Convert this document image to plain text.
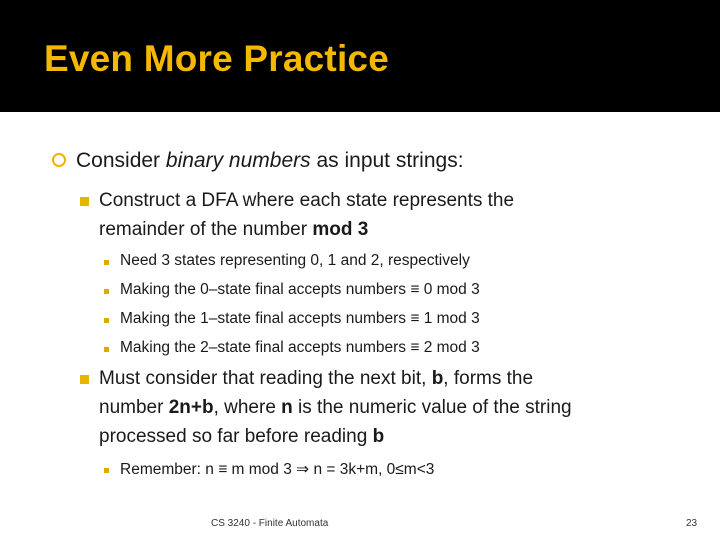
Even More Practice
Consider binary numbers as input strings:
Construct a DFA where each state represents the
remainder of the number mod 3
Need 3 states representing 0, 1 and 2, respectively
Making the 0–state final accepts numbers ≡ 0 mod 3
Making the 1–state final accepts numbers ≡ 1 mod 3
Making the 2–state final accepts numbers ≡ 2 mod 3
Must consider that reading the next bit, b, forms the
number 2n+b, where n is the numeric value of the string
processed so far before reading b
Remember: n ≡ m mod 3 ⇒ n = 3k+m, 0≤m<3
CS 3240 - Finite Automata	23
